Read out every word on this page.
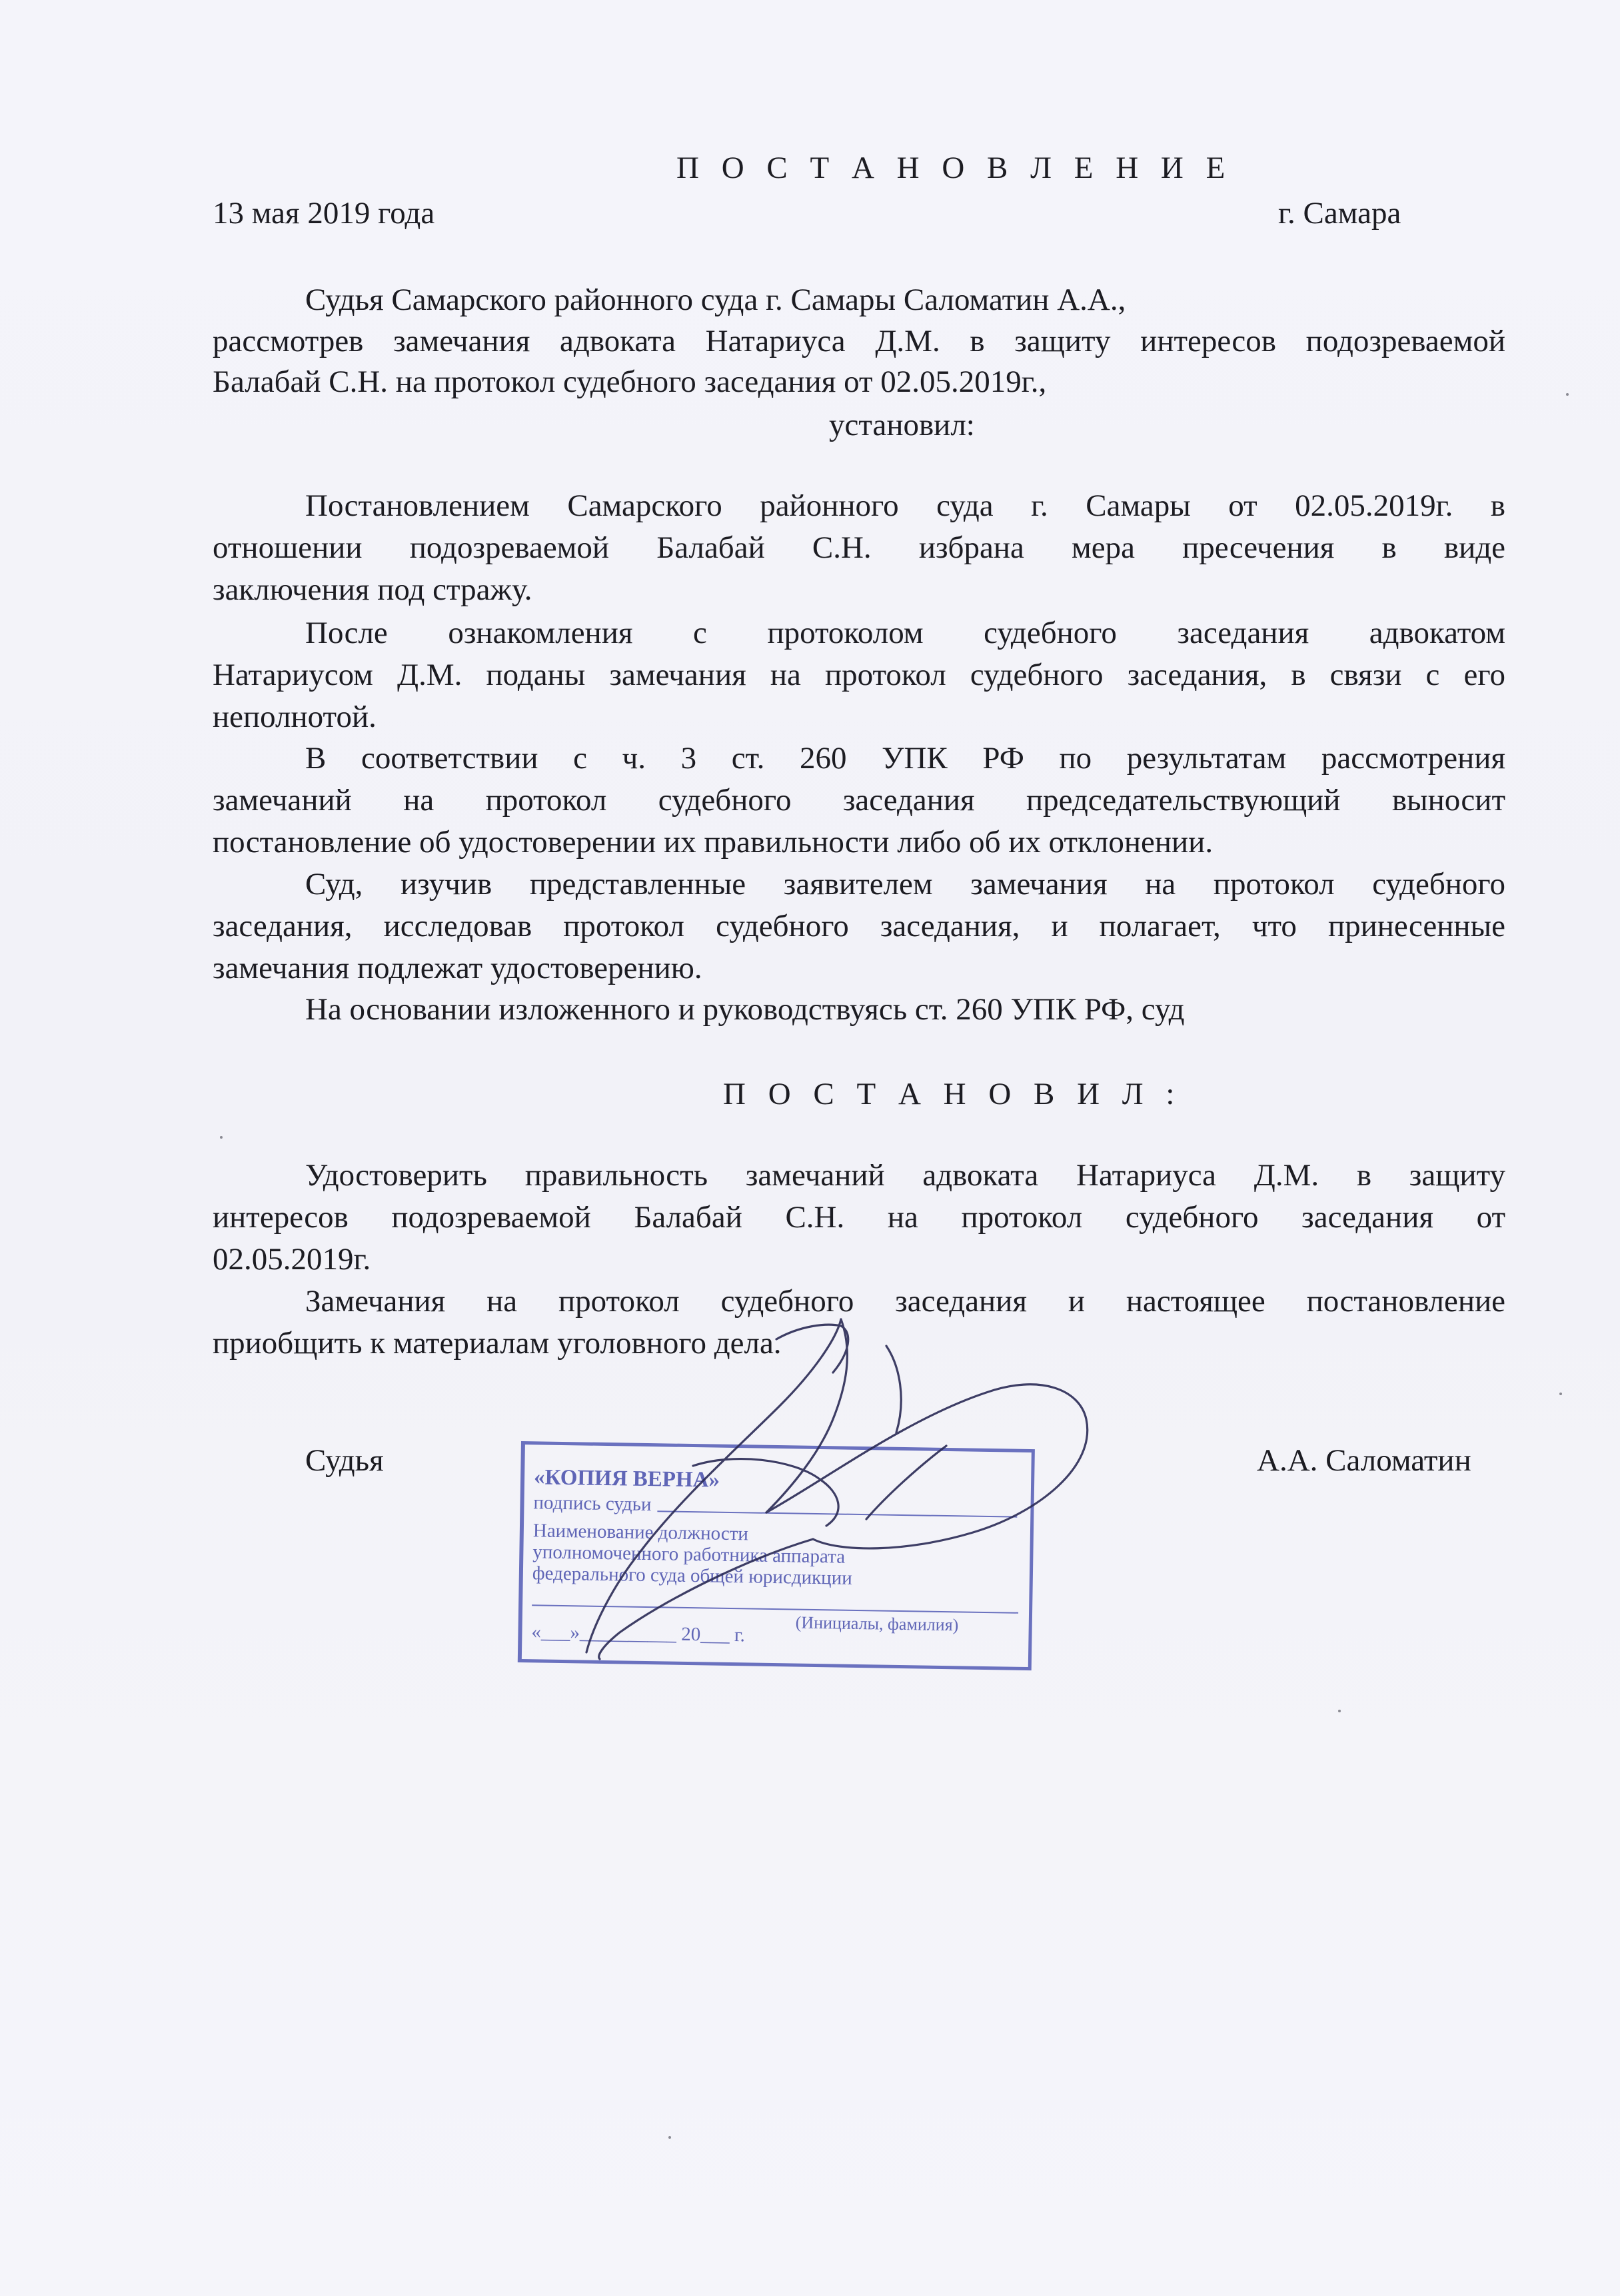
П О С Т А Н О В Л Е Н И Е
13 мая 2019 года	г. Самара
Судья Самарского районного суда г. Самары Саломатин А.А.,
рассмотрев замечания адвоката Натариуса Д.М. в защиту интересов подозреваемой
Балабай С.Н. на протокол судебного заседания от 02.05.2019г.,
установил:
Постановлением Самарского районного суда г. Самары от 02.05.2019г. в
отношении подозреваемой Балабай С.Н. избрана мера пресечения в виде
заключения под стражу.
После ознакомления с протоколом судебного заседания адвокатом
Натариусом Д.М. поданы замечания на протокол судебного заседания, в связи с его
неполнотой.
В соответствии с ч. 3 ст. 260 УПК РФ по результатам рассмотрения
замечаний на протокол судебного заседания председательствующий выносит
постановление об удостоверении их правильности либо об их отклонении.
Суд, изучив представленные заявителем замечания на протокол судебного
заседания, исследовав протокол судебного заседания, и полагает, что принесенные
замечания подлежат удостоверению.
На основании изложенного и руководствуясь ст. 260 УПК РФ, суд
П О С Т А Н О В И Л :
Удостоверить правильность замечаний адвоката Натариуса Д.М. в защиту
интересов подозреваемой Балабай С.Н. на протокол судебного заседания от
02.05.2019г.
Замечания на протокол судебного заседания и настоящее постановление
приобщить к материалам уголовного дела.
Судья	А.А. Саломатин
«КОПИЯ ВЕРНА»
подпись судьи
Наименование должности
уполномоченного работника аппарата
федерального суда общей юрисдикции
(Инициалы, фамилия)
«___»__________ 20___ г.
